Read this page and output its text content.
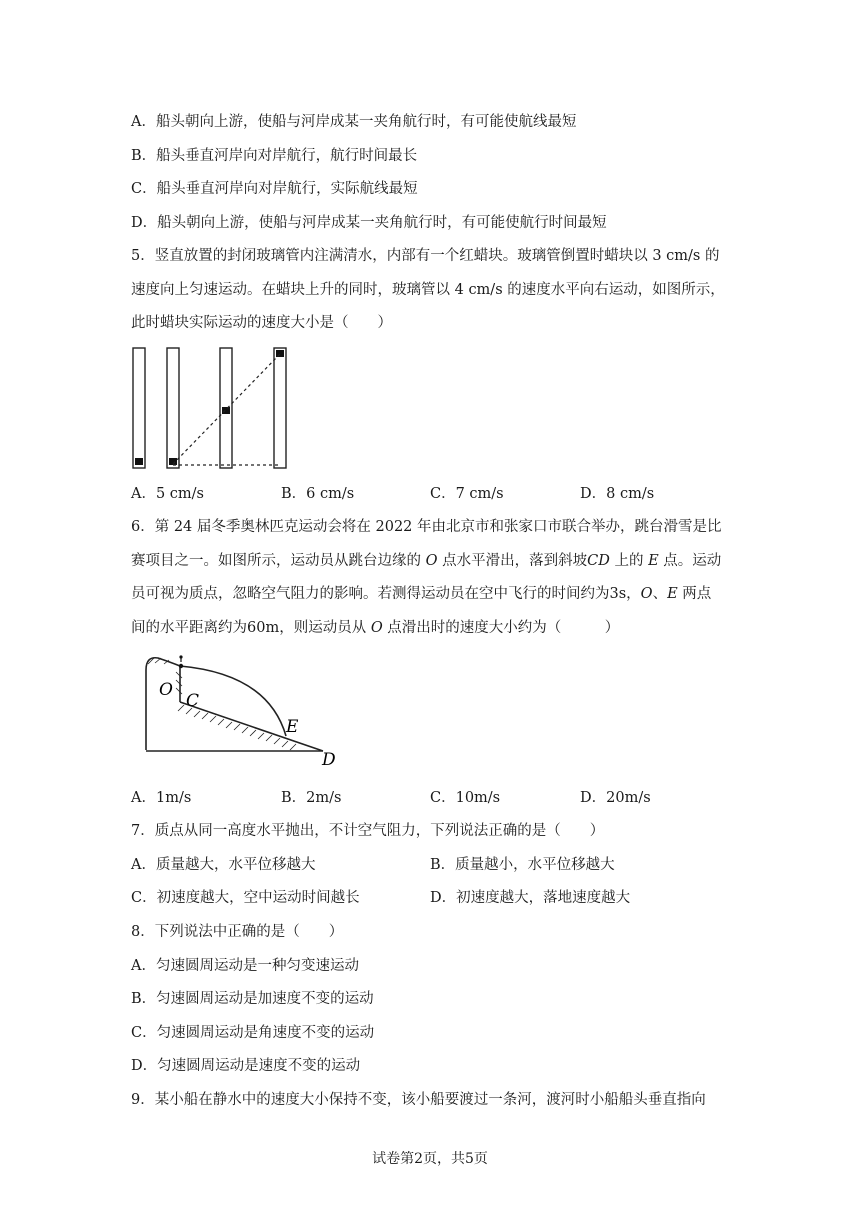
A．船头朝向上游，使船与河岸成某一夹角航行时，有可能使航线最短
B．船头垂直河岸向对岸航行，航行时间最长
C．船头垂直河岸向对岸航行，实际航线最短
D．船头朝向上游，使船与河岸成某一夹角航行时，有可能使航行时间最短
5．竖直放置的封闭玻璃管内注满清水，内部有一个红蜡块。玻璃管倒置时蜡块以 3 cm/s 的
速度向上匀速运动。在蜡块上升的同时，玻璃管以 4 cm/s 的速度水平向右运动，如图所示，
此时蜡块实际运动的速度大小是（　　）
A．5 cm/s	B．6 cm/s	C．7 cm/s	D．8 cm/s
6．第 24 届冬季奥林匹克运动会将在 2022 年由北京市和张家口市联合举办，跳台滑雪是比
赛项目之一。如图所示，运动员从跳台边缘的 O 点水平滑出，落到斜坡CD 上的 E 点。运动
员可视为质点，忽略空气阻力的影响。若测得运动员在空中飞行的时间约为3s，O、E 两点
间的水平距离约为60m，则运动员从 O 点滑出时的速度大小约为（　　　）
O
C
E
D
A．1m/s	B．2m/s	C．10m/s	D．20m/s
7．质点从同一高度水平抛出，不计空气阻力，下列说法正确的是（　　）
A．质量越大，水平位移越大	B．质量越小，水平位移越大
C．初速度越大，空中运动时间越长	D．初速度越大，落地速度越大
8．下列说法中正确的是（　　）
A．匀速圆周运动是一种匀变速运动
B．匀速圆周运动是加速度不变的运动
C．匀速圆周运动是角速度不变的运动
D．匀速圆周运动是速度不变的运动
9．某小船在静水中的速度大小保持不变，该小船要渡过一条河，渡河时小船船头垂直指向
试卷第2页，共5页
